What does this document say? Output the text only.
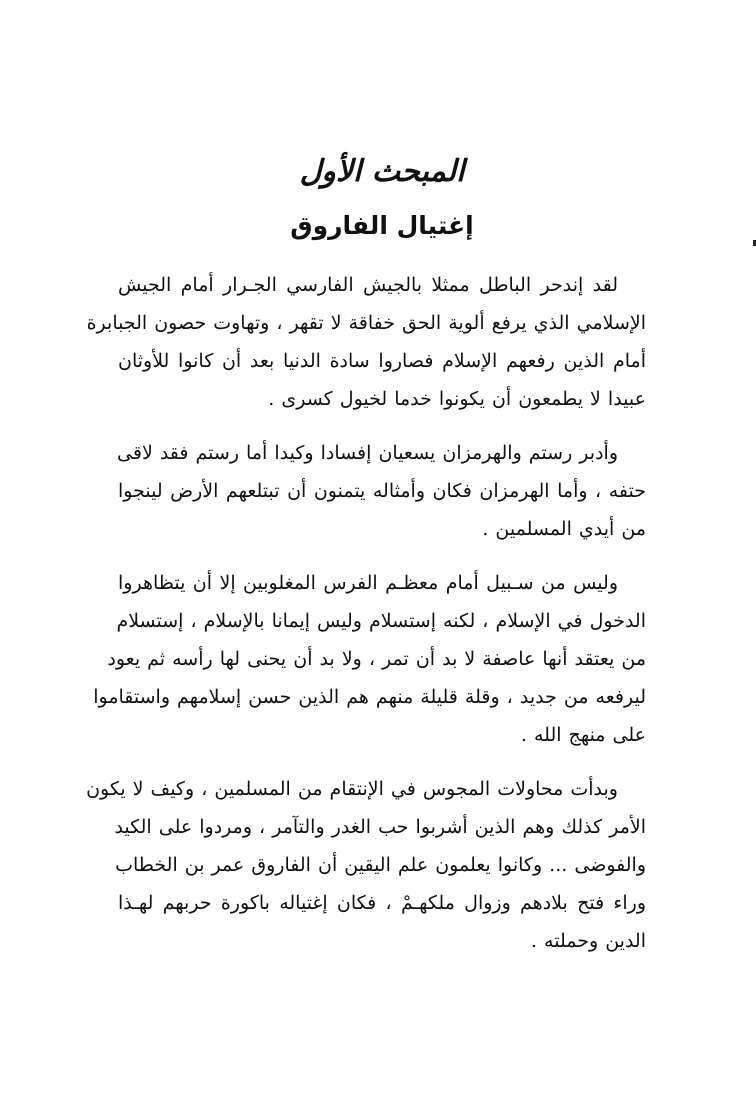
المبحث الأول
إغتيال الفاروق

لقد إندحر الباطل ممثلا بالجيش الفارسي الجـرار أمام الجيش
الإسلامي الذي يرفع ألوية الحق خفاقة لا تقهر ، وتهاوت حصون الجبابرة
أمام الذين رفعهم الإسلام فصاروا سادة الدنيا بعد أن كانوا للأوثان
عبيدا لا يطمعون أن يكونوا خدما لخيول كسرى .

وأدبر رستم والهرمزان يسعيان إفسادا وكيدا أما رستم فقد لاقى
حتفه ، وأما الهرمزان فكان وأمثاله يتمنون أن تبتلعهم الأرض لينجوا
من أيدي المسلمين .

وليس من سـبيل أمام معظـم الفرس المغلوبين إلا أن يتظاهروا
الدخول في الإسلام ، لكنه إستسلام وليس إيمانا بالإسلام ، إستسلام
من يعتقد أنها عاصفة لا بد أن تمر ، ولا بد أن يحنى لها رأسه ثم يعود
ليرفعه من جديد ، وقلة قليلة منهم هم الذين حسن إسلامهم واستقاموا
على منهج الله .

وبدأت محاولات المجوس في الإنتقام من المسلمين ، وكيف لا يكون
الأمر كذلك وهم الذين أشربوا حب الغدر والتآمر ، ومردوا على الكيد
والفوضى ... وكانوا يعلمون علم اليقين أن الفاروق عمر بن الخطاب
وراء فتح بلادهم وزوال ملكهـمْ ، فكان إغتياله باكورة حربهم لهـذا
الدين وحملته .
